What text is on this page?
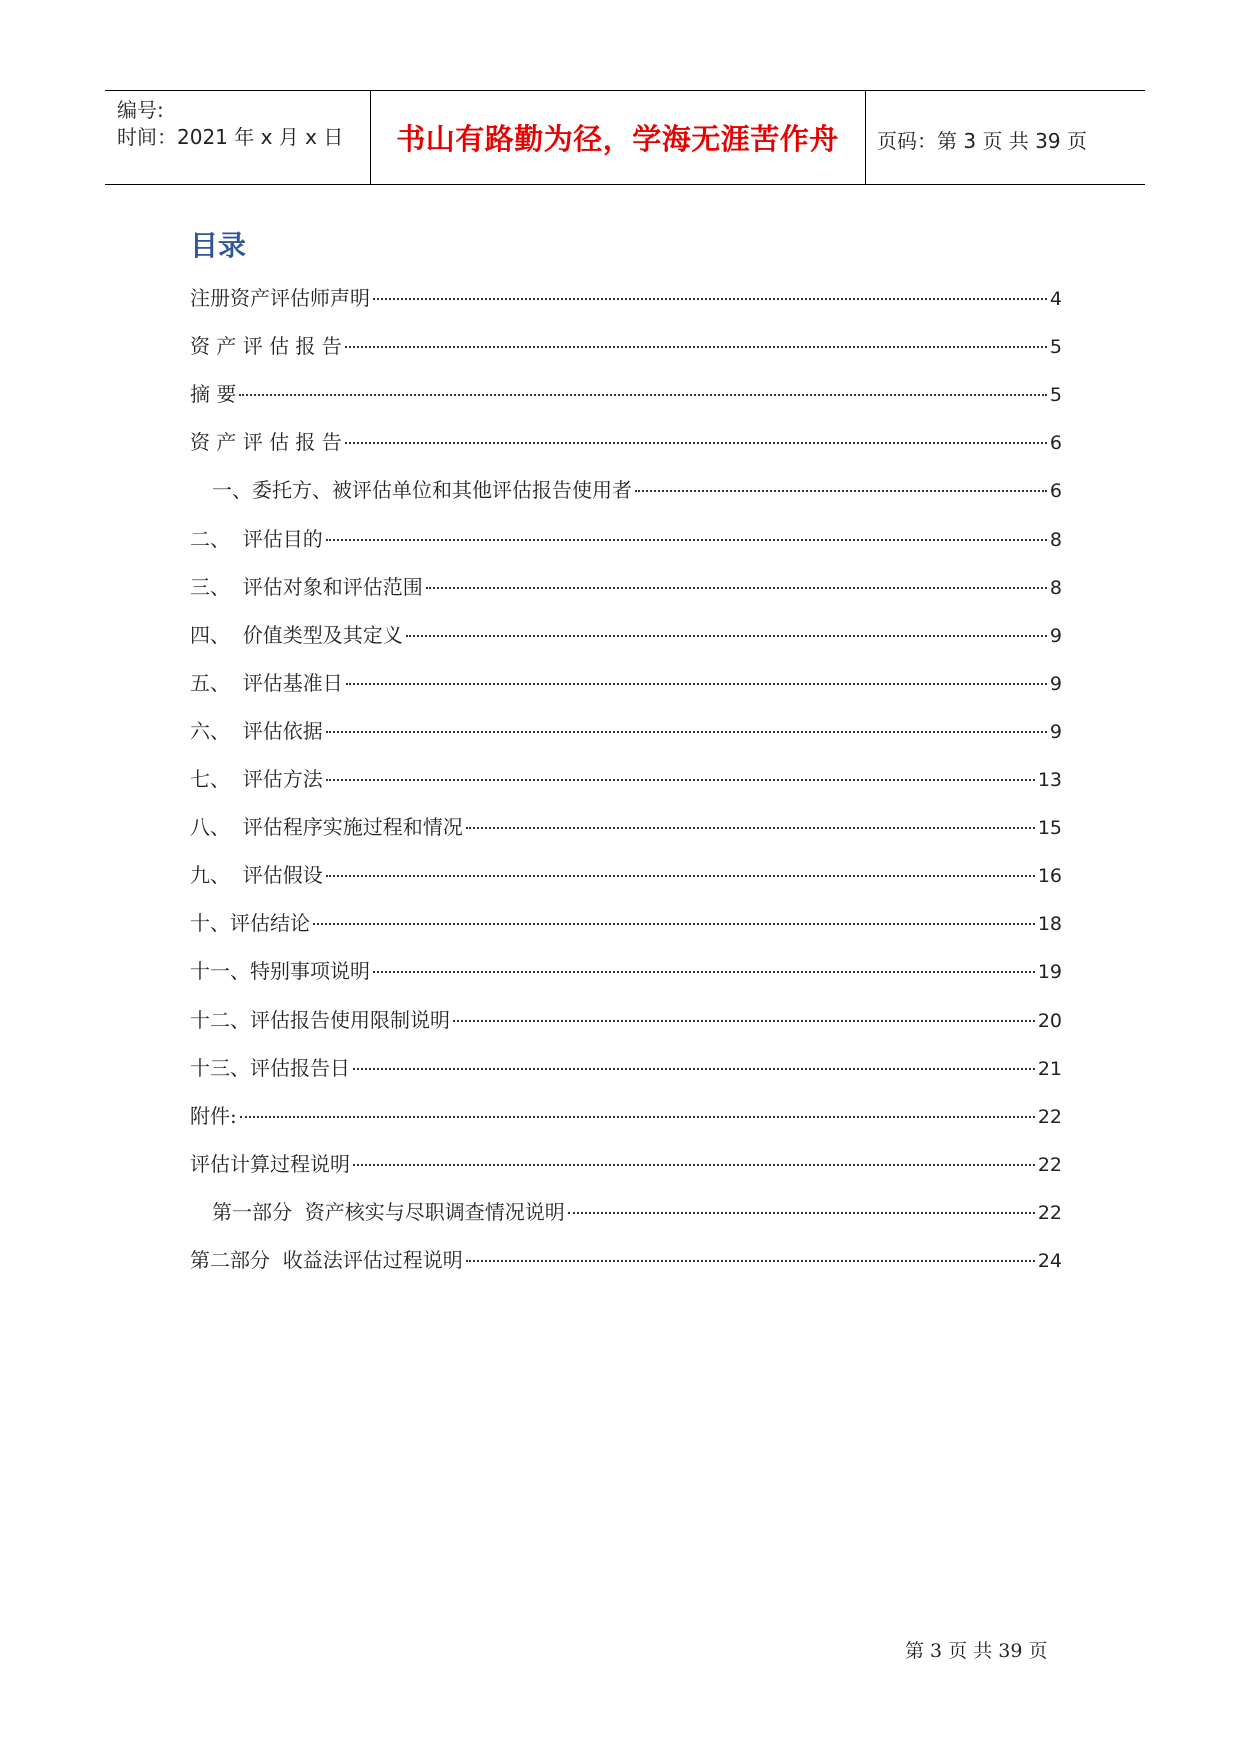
编号:
时间：2021 年 x 月 x 日	书山有路勤为径，学海无涯苦作舟	页码：第 3 页 共 39 页
目录
注册资产评估师声明	4
资 产 评 估 报 告	5
摘 要	5
资 产 评 估 报 告	6
一、委托方、被评估单位和其他评估报告使用者	6
二、  评估目的	8
三、  评估对象和评估范围	8
四、  价值类型及其定义	9
五、  评估基准日	9
六、  评估依据	9
七、  评估方法	13
八、  评估程序实施过程和情况	15
九、  评估假设	16
十、评估结论	18
十一、特别事项说明	19
十二、评估报告使用限制说明	20
十三、评估报告日	21
附件:	22
评估计算过程说明	22
第一部分  资产核实与尽职调查情况说明	22
第二部分  收益法评估过程说明	24
第 3 页 共 39 页
